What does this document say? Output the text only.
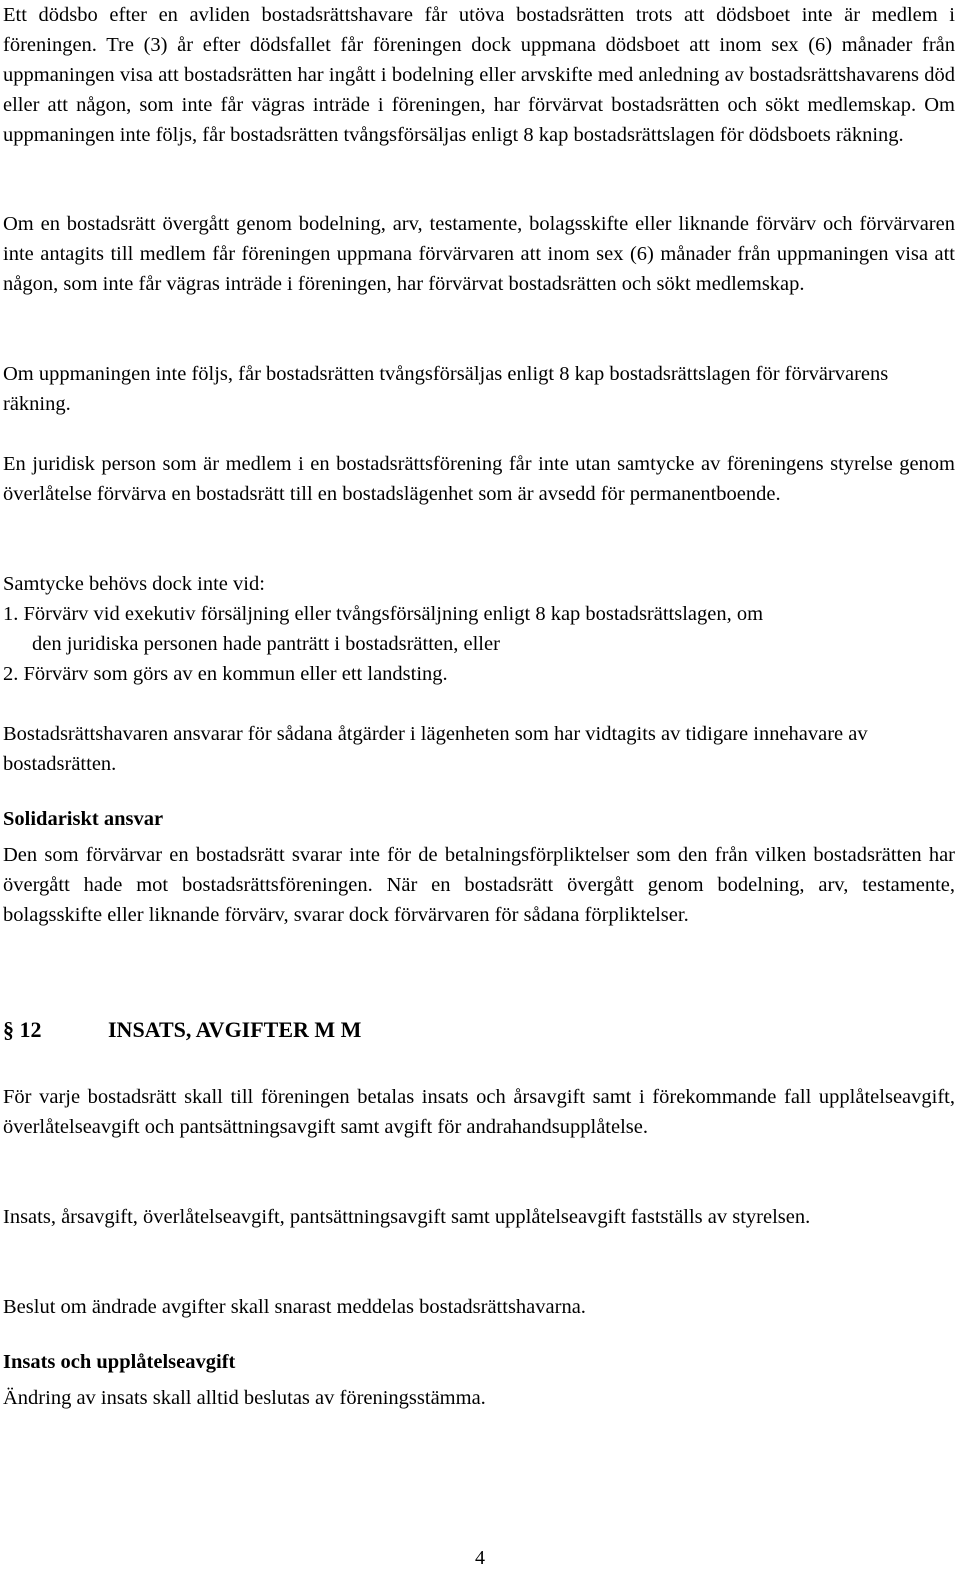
Ett dödsbo efter en avliden bostadsrättshavare får utöva bostadsrätten trots att dödsboet inte är medlem i föreningen. Tre (3) år efter dödsfallet får föreningen dock uppmana dödsboet att inom sex (6) månader från uppmaningen visa att bostadsrätten har ingått i bodelning eller arvskifte med anledning av bostadsrättshavarens död eller att någon, som inte får vägras inträde i föreningen, har förvärvat bostadsrätten och sökt medlemskap. Om uppmaningen inte följs, får bostadsrätten tvångsförsäljas enligt 8 kap bostadsrättslagen för dödsboets räkning.

Om en bostadsrätt övergått genom bodelning, arv, testamente, bolagsskifte eller liknande förvärv och förvärvaren inte antagits till medlem får föreningen uppmana förvärvaren att inom sex (6) månader från uppmaningen visa att någon, som inte får vägras inträde i föreningen, har förvärvat bostadsrätten och sökt medlemskap.

Om uppmaningen inte följs, får bostadsrätten tvångsförsäljas enligt 8 kap bostadsrättslagen för förvärvarens räkning.

En juridisk person som är medlem i en bostadsrättsförening får inte utan samtycke av föreningens styrelse genom överlåtelse förvärva en bostadsrätt till en bostadslägenhet som är avsedd för permanentboende.

Samtycke behövs dock inte vid:

1. Förvärv vid exekutiv försäljning eller tvångsförsäljning enligt 8 kap bostadsrättslagen, om

den juridiska personen hade panträtt i bostadsrätten, eller

2. Förvärv som görs av en kommun eller ett landsting.

Bostadsrättshavaren ansvarar för sådana åtgärder i lägenheten som har vidtagits av tidigare innehavare av bostadsrätten.

Solidariskt ansvar

Den som förvärvar en bostadsrätt svarar inte för de betalningsförpliktelser som den från vilken bostadsrätten har övergått hade mot bostadsrättsföreningen. När en bostadsrätt övergått genom bodelning, arv, testamente, bolagsskifte eller liknande förvärv, svarar dock förvärvaren för sådana förpliktelser.

§ 12	INSATS, AVGIFTER M M

För varje bostadsrätt skall till föreningen betalas insats och årsavgift samt i förekommande fall upplåtelseavgift, överlåtelseavgift och pantsättningsavgift samt avgift för andrahandsupplåtelse.

Insats, årsavgift, överlåtelseavgift, pantsättningsavgift samt upplåtelseavgift fastställs av styrelsen.

Beslut om ändrade avgifter skall snarast meddelas bostadsrättshavarna.

Insats och upplåtelseavgift

Ändring av insats skall alltid beslutas av föreningsstämma.

4
